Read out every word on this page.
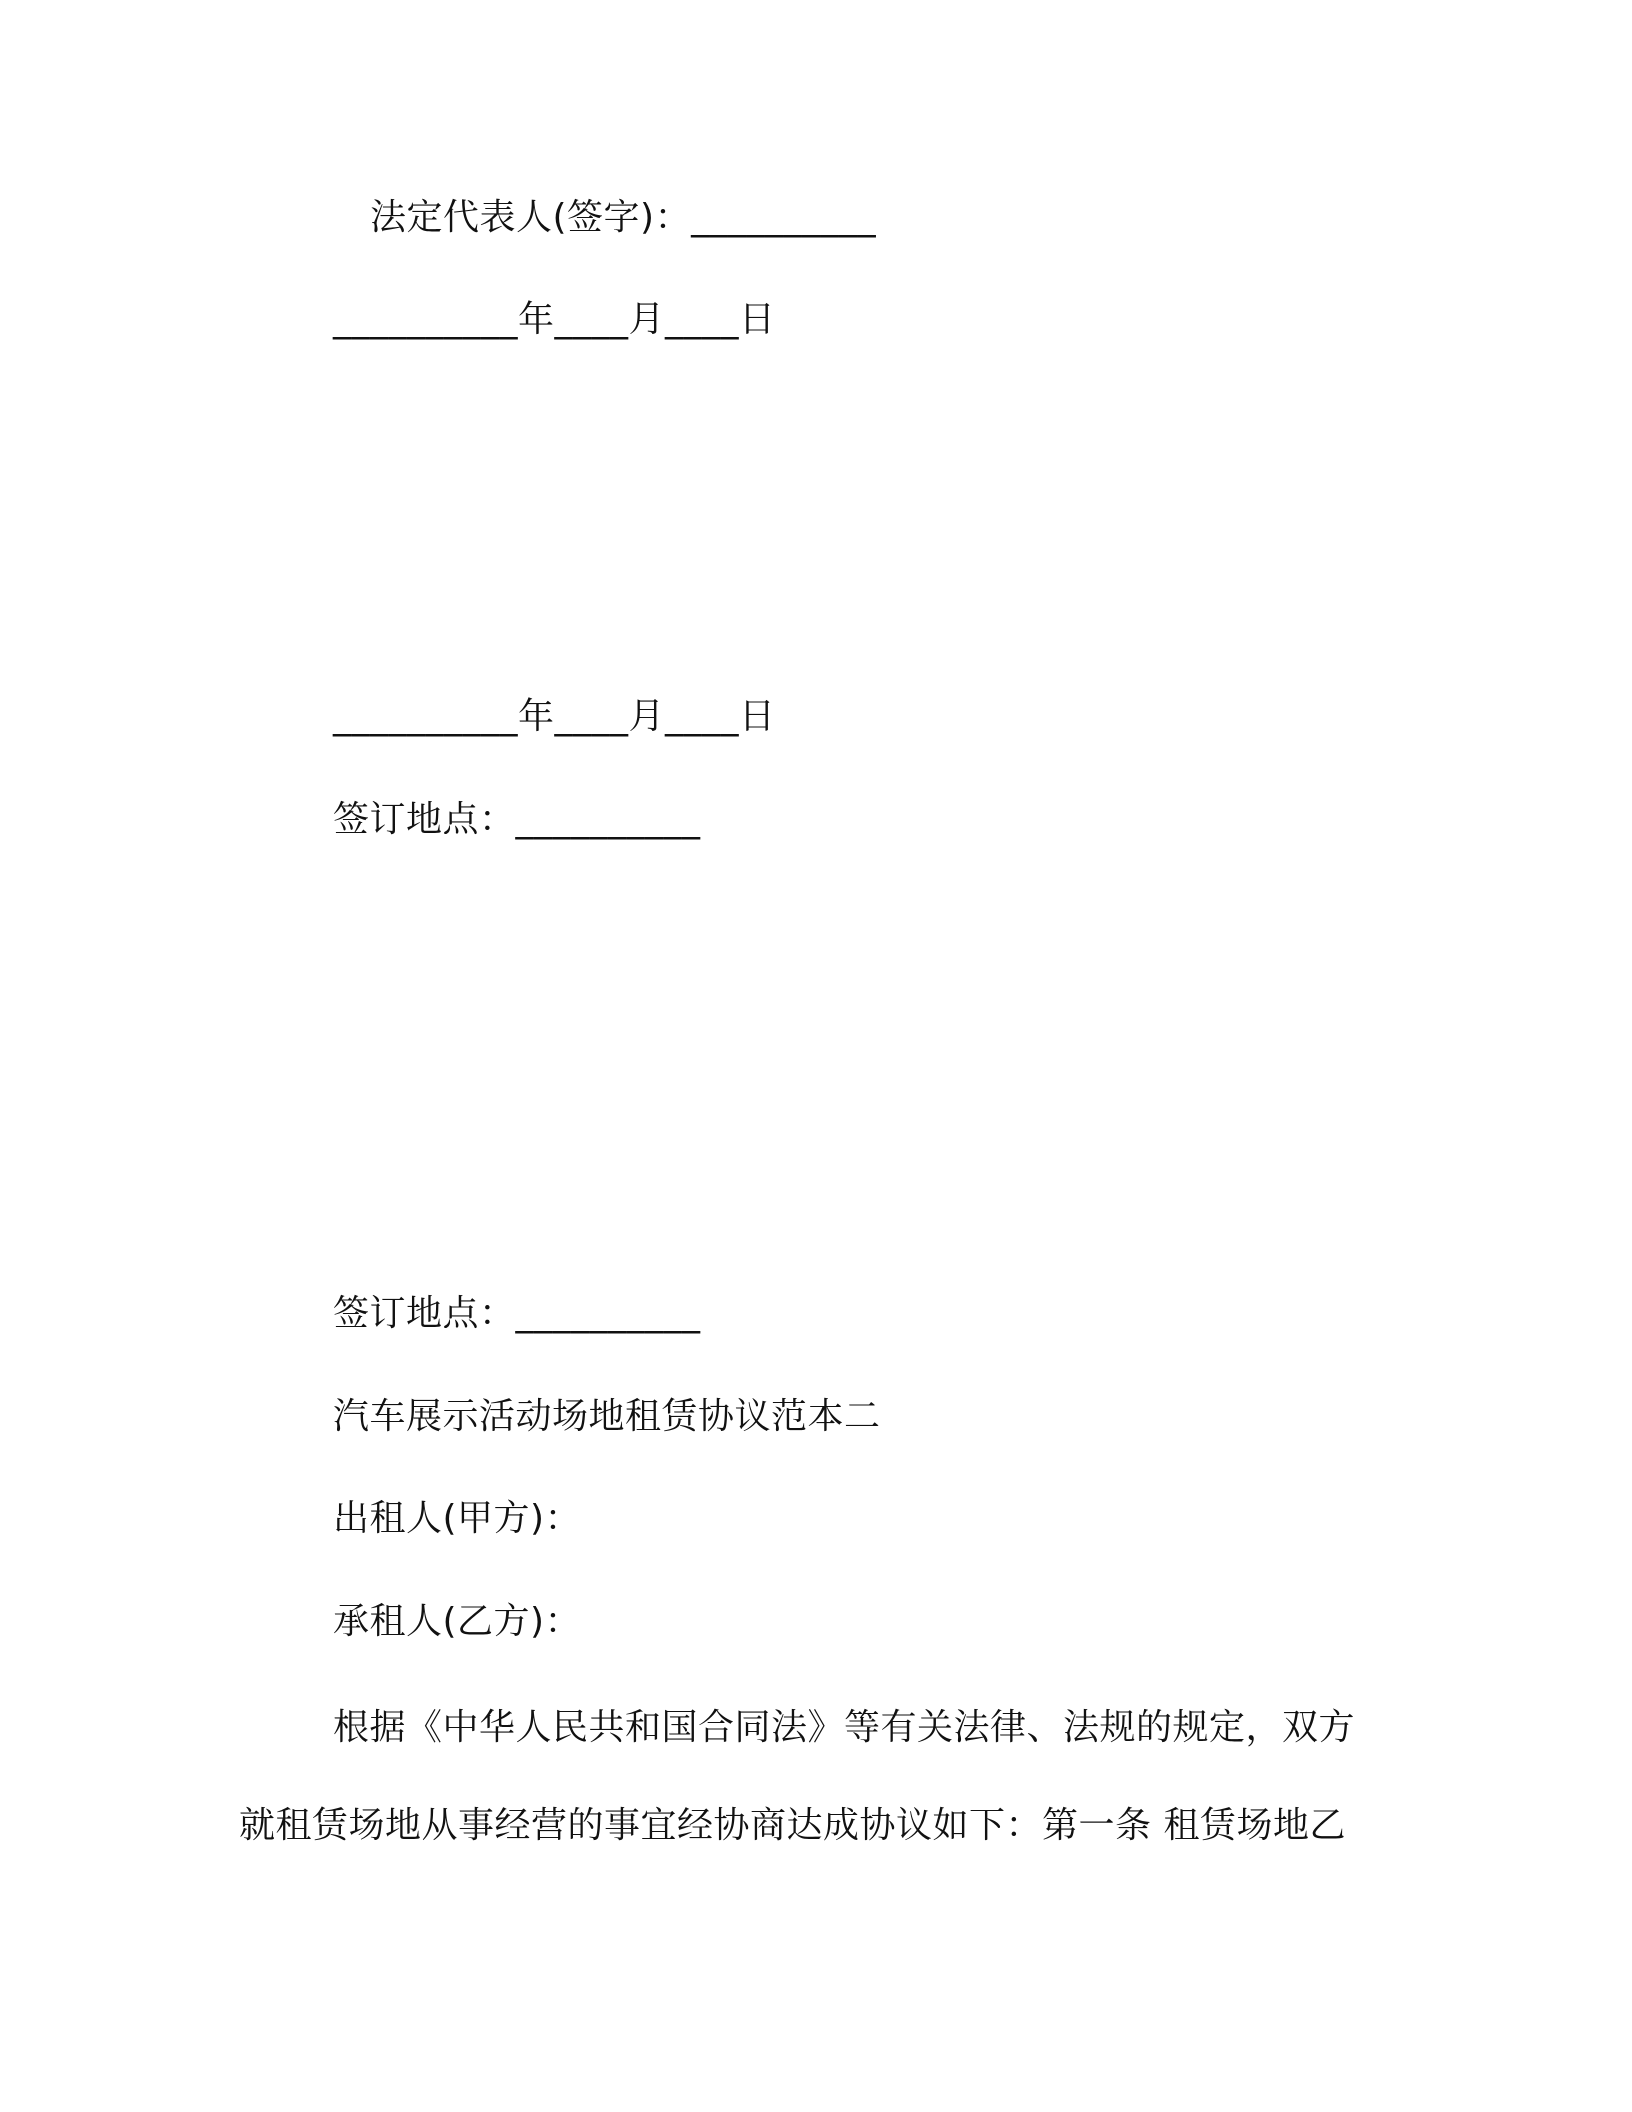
法定代表人(签字)：__________
__________年____月____日
__________年____月____日
签订地点：__________
签订地点：__________
汽车展示活动场地租赁协议范本二
出租人(甲方)：
承租人(乙方)：
根据《中华人民共和国合同法》等有关法律、法规的规定，双方
就租赁场地从事经营的事宜经协商达成协议如下：第一条 租赁场地乙
